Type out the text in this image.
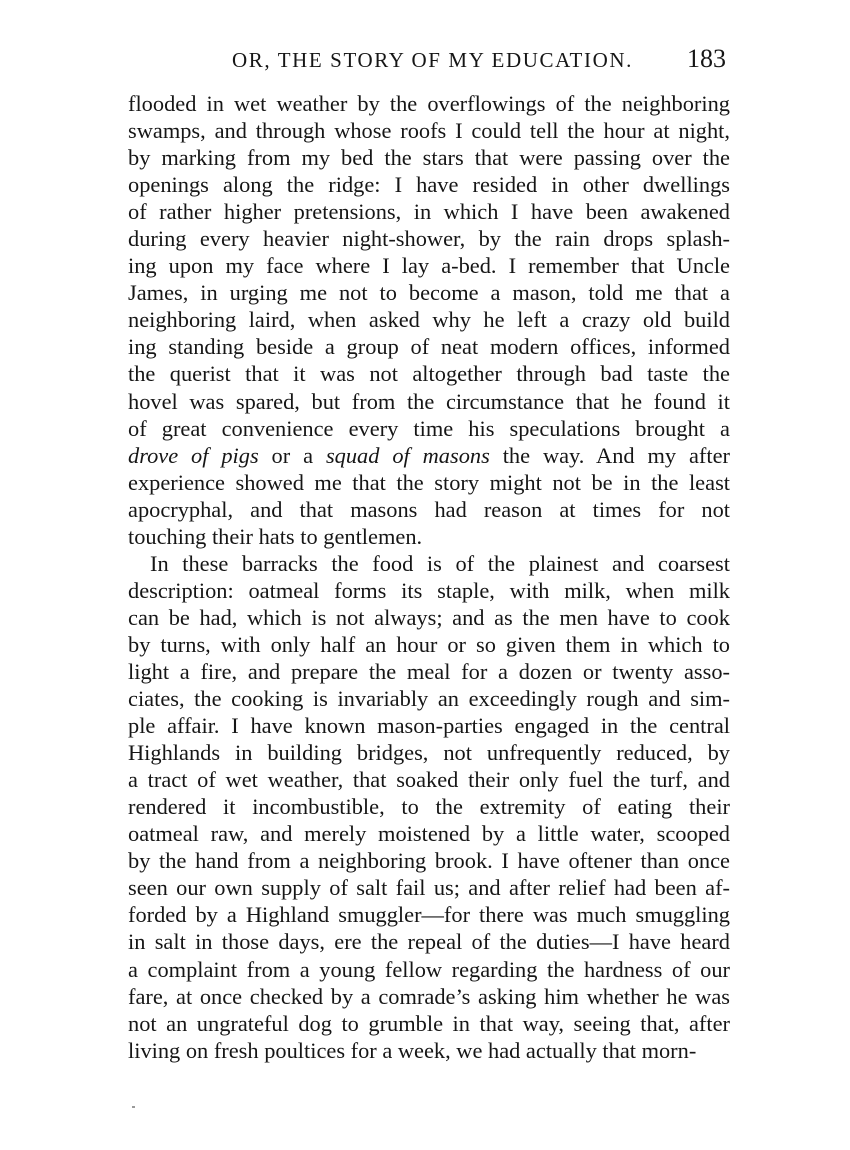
OR, THE STORY OF MY EDUCATION. 183
flooded in wet weather by the overflowings of the neighboring
swamps, and through whose roofs I could tell the hour at night,
by marking from my bed the stars that were passing over the
openings along the ridge: I have resided in other dwellings
of rather higher pretensions, in which I have been awakened
during every heavier night-shower, by the rain drops splash-
ing upon my face where I lay a-bed. I remember that Uncle
James, in urging me not to become a mason, told me that a
neighboring laird, when asked why he left a crazy old build
ing standing beside a group of neat modern offices, informed
the querist that it was not altogether through bad taste the
hovel was spared, but from the circumstance that he found it
of great convenience every time his speculations brought a
drove of pigs or a squad of masons the way. And my after
experience showed me that the story might not be in the least
apocryphal, and that masons had reason at times for not
touching their hats to gentlemen.
In these barracks the food is of the plainest and coarsest
description: oatmeal forms its staple, with milk, when milk
can be had, which is not always; and as the men have to cook
by turns, with only half an hour or so given them in which to
light a fire, and prepare the meal for a dozen or twenty asso-
ciates, the cooking is invariably an exceedingly rough and sim-
ple affair. I have known mason-parties engaged in the central
Highlands in building bridges, not unfrequently reduced, by
a tract of wet weather, that soaked their only fuel the turf, and
rendered it incombustible, to the extremity of eating their
oatmeal raw, and merely moistened by a little water, scooped
by the hand from a neighboring brook. I have oftener than once
seen our own supply of salt fail us; and after relief had been af-
forded by a Highland smuggler—for there was much smuggling
in salt in those days, ere the repeal of the duties—I have heard
a complaint from a young fellow regarding the hardness of our
fare, at once checked by a comrade’s asking him whether he was
not an ungrateful dog to grumble in that way, seeing that, after
living on fresh poultices for a week, we had actually that morn-
